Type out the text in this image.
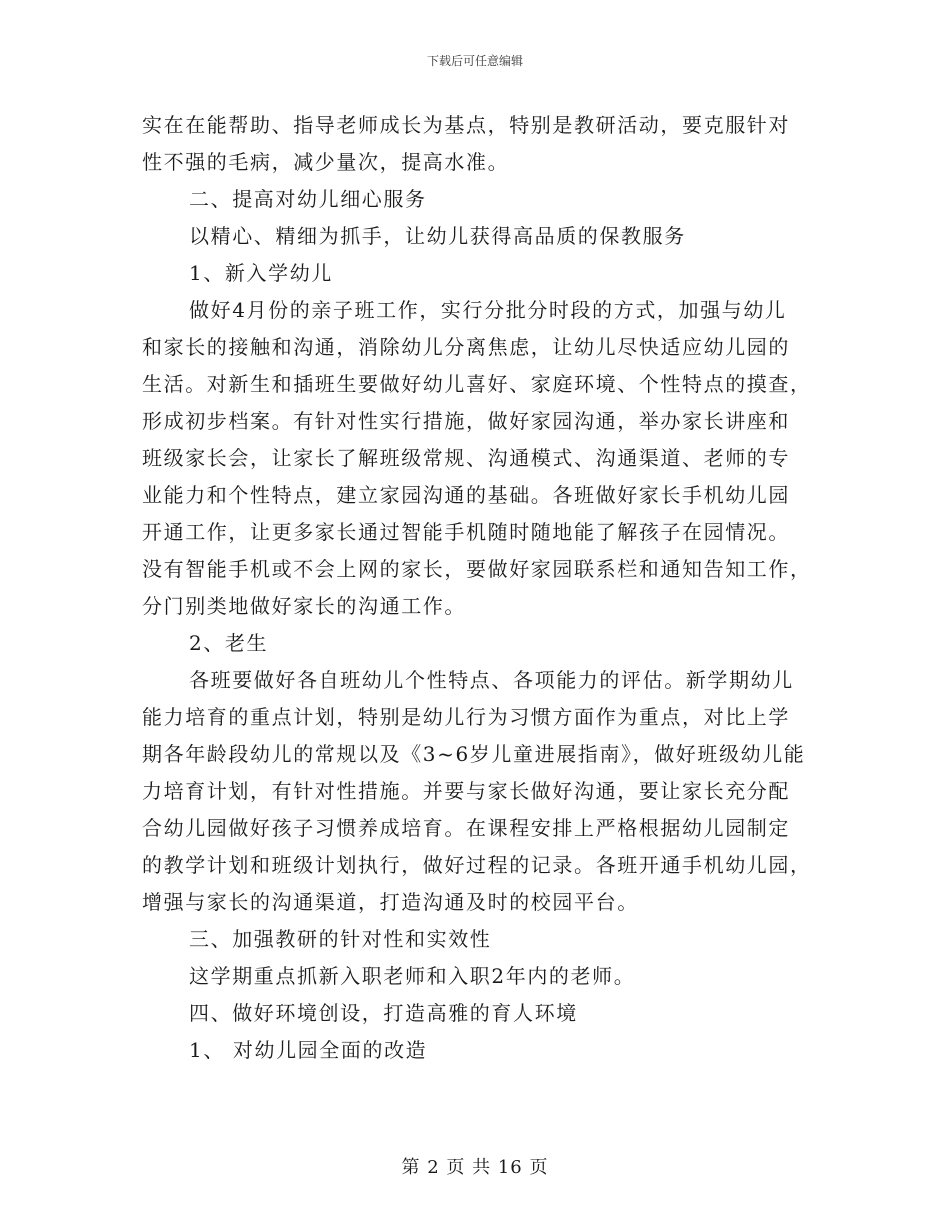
下载后可任意编辑
实在在能帮助、指导老师成长为基点，特别是教研活动，要克服针对
性不强的毛病，减少量次，提高水准。
二、提高对幼儿细心服务
以精心、精细为抓手，让幼儿获得高品质的保教服务
1、新入学幼儿
做好4月份的亲子班工作，实行分批分时段的方式，加强与幼儿
和家长的接触和沟通，消除幼儿分离焦虑，让幼儿尽快适应幼儿园的
生活。对新生和插班生要做好幼儿喜好、家庭环境、个性特点的摸查，
形成初步档案。有针对性实行措施，做好家园沟通，举办家长讲座和
班级家长会，让家长了解班级常规、沟通模式、沟通渠道、老师的专
业能力和个性特点，建立家园沟通的基础。各班做好家长手机幼儿园
开通工作，让更多家长通过智能手机随时随地能了解孩子在园情况。
没有智能手机或不会上网的家长，要做好家园联系栏和通知告知工作，
分门别类地做好家长的沟通工作。
2、老生
各班要做好各自班幼儿个性特点、各项能力的评估。新学期幼儿
能力培育的重点计划，特别是幼儿行为习惯方面作为重点，对比上学
期各年龄段幼儿的常规以及《3~6岁儿童进展指南》，做好班级幼儿能
力培育计划，有针对性措施。并要与家长做好沟通，要让家长充分配
合幼儿园做好孩子习惯养成培育。在课程安排上严格根据幼儿园制定
的教学计划和班级计划执行，做好过程的记录。各班开通手机幼儿园，
增强与家长的沟通渠道，打造沟通及时的校园平台。
三、加强教研的针对性和实效性
这学期重点抓新入职老师和入职2年内的老师。
四、做好环境创设，打造高雅的育人环境
1、 对幼儿园全面的改造
第 2 页 共 16 页
